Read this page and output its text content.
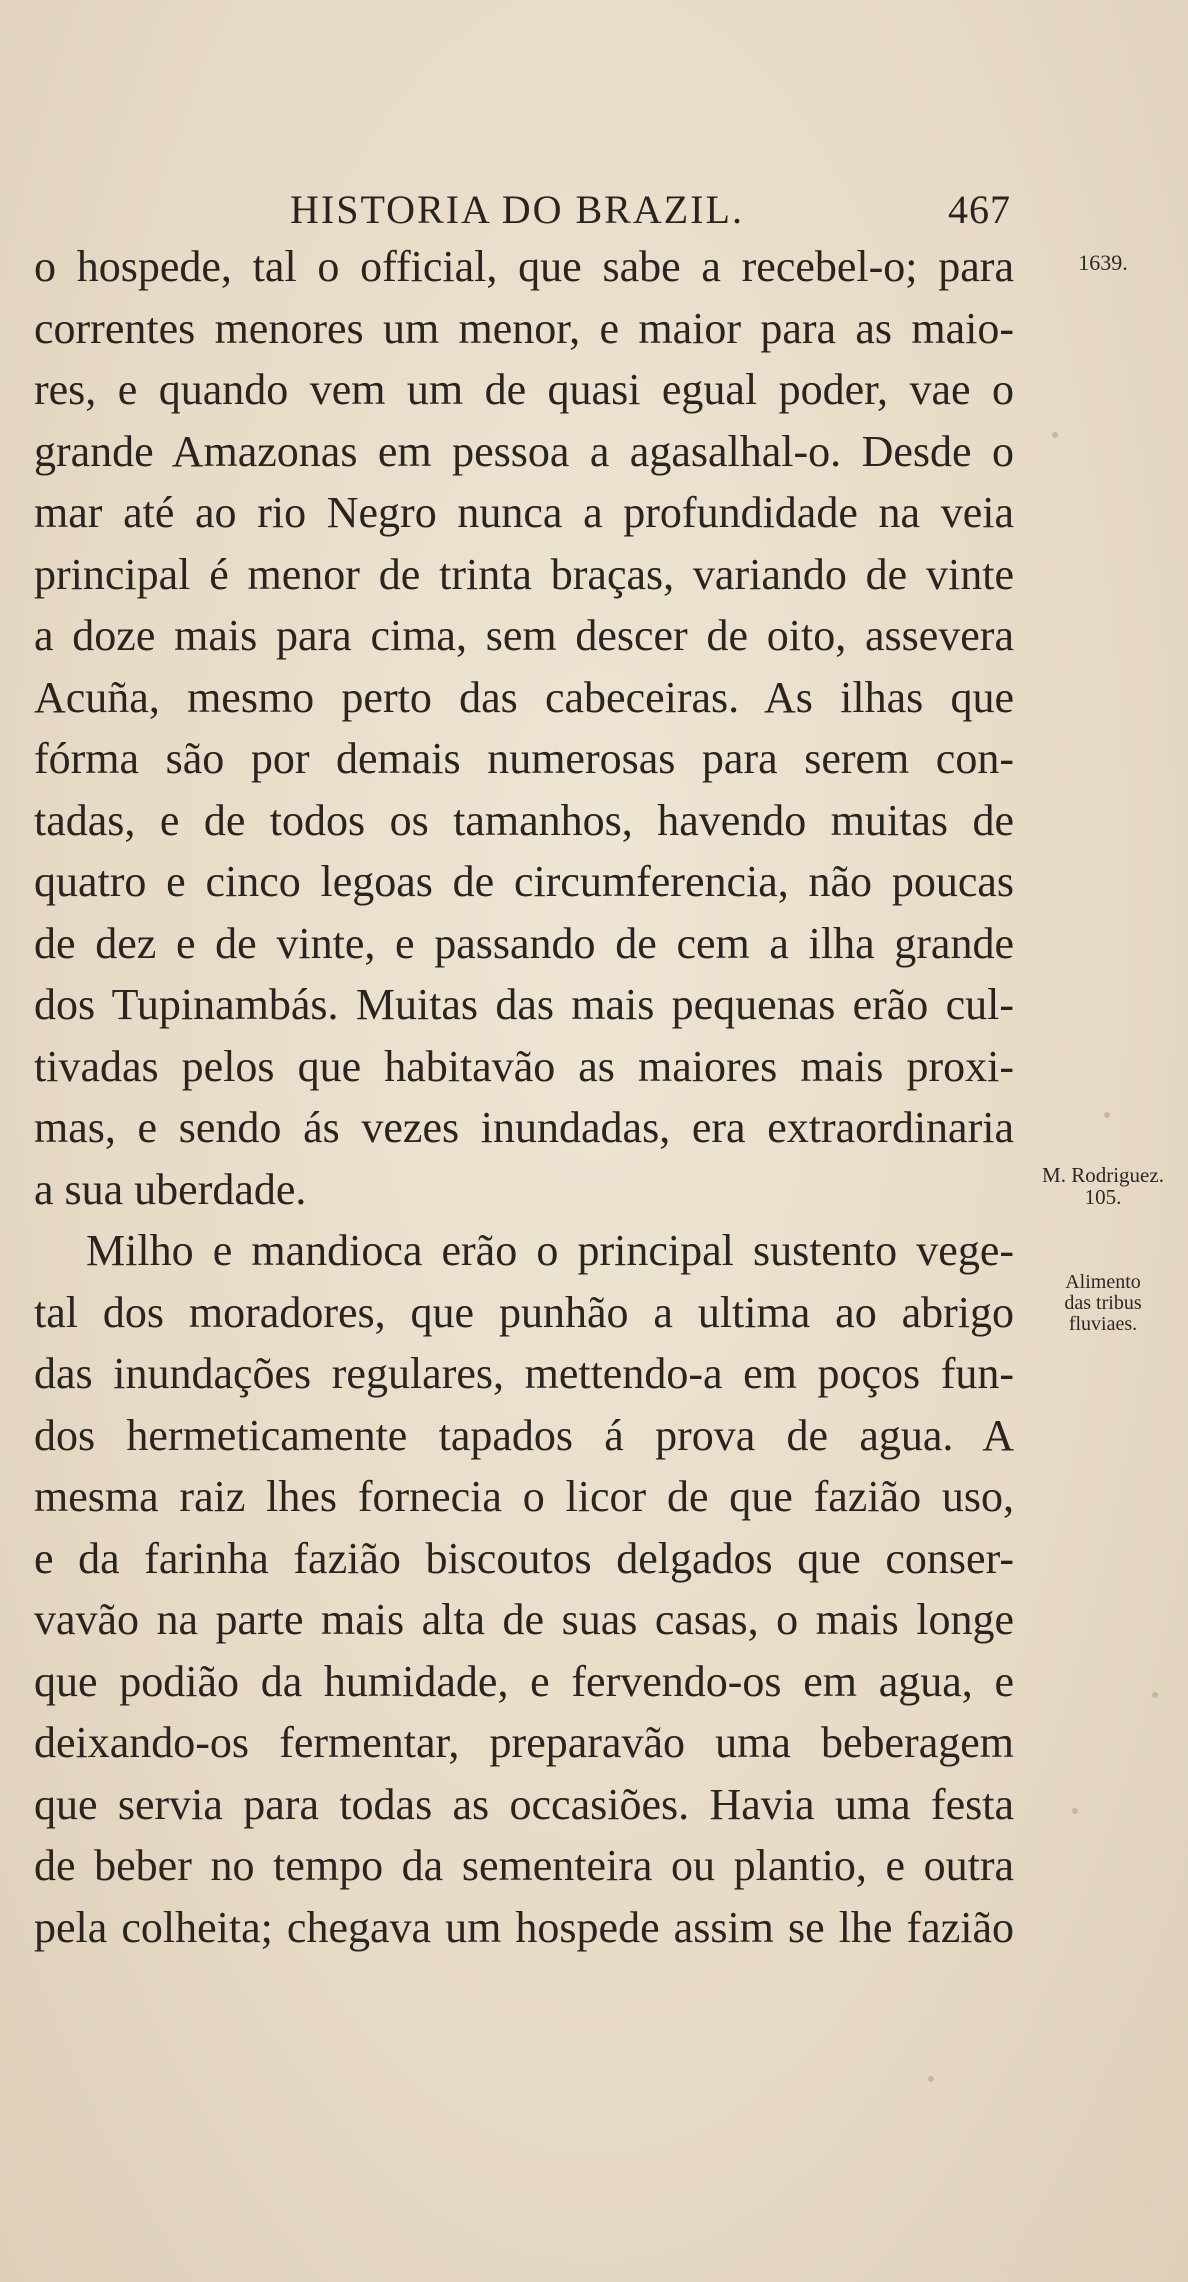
HISTORIA DO BRAZIL.	467
o hospede, tal o official, que sabe a recebel-o; para
correntes menores um menor, e maior para as maio-
res, e quando vem um de quasi egual poder, vae o
grande Amazonas em pessoa a agasalhal-o. Desde o
mar até ao rio Negro nunca a profundidade na veia
principal é menor de trinta braças, variando de vinte
a doze mais para cima, sem descer de oito, assevera
Acuña, mesmo perto das cabeceiras. As ilhas que
fórma são por demais numerosas para serem con-
tadas, e de todos os tamanhos, havendo muitas de
quatro e cinco legoas de circumferencia, não poucas
de dez e de vinte, e passando de cem a ilha grande
dos Tupinambás. Muitas das mais pequenas erão cul-
tivadas pelos que habitavão as maiores mais proxi-
mas, e sendo ás vezes inundadas, era extraordinaria
a sua uberdade.
Milho e mandioca erão o principal sustento vege-
tal dos moradores, que punhão a ultima ao abrigo
das inundações regulares, mettendo-a em poços fun-
dos hermeticamente tapados á prova de agua. A
mesma raiz lhes fornecia o licor de que fazião uso,
e da farinha fazião biscoutos delgados que conser-
vavão na parte mais alta de suas casas, o mais longe
que podião da humidade, e fervendo-os em agua, e
deixando-os fermentar, preparavão uma beberagem
que servia para todas as occasiões. Havia uma festa
de beber no tempo da sementeira ou plantio, e outra
pela colheita; chegava um hospede assim se lhe fazião
1639.
M. Rodriguez.
105.
Alimento
das tribus
fluviaes.
